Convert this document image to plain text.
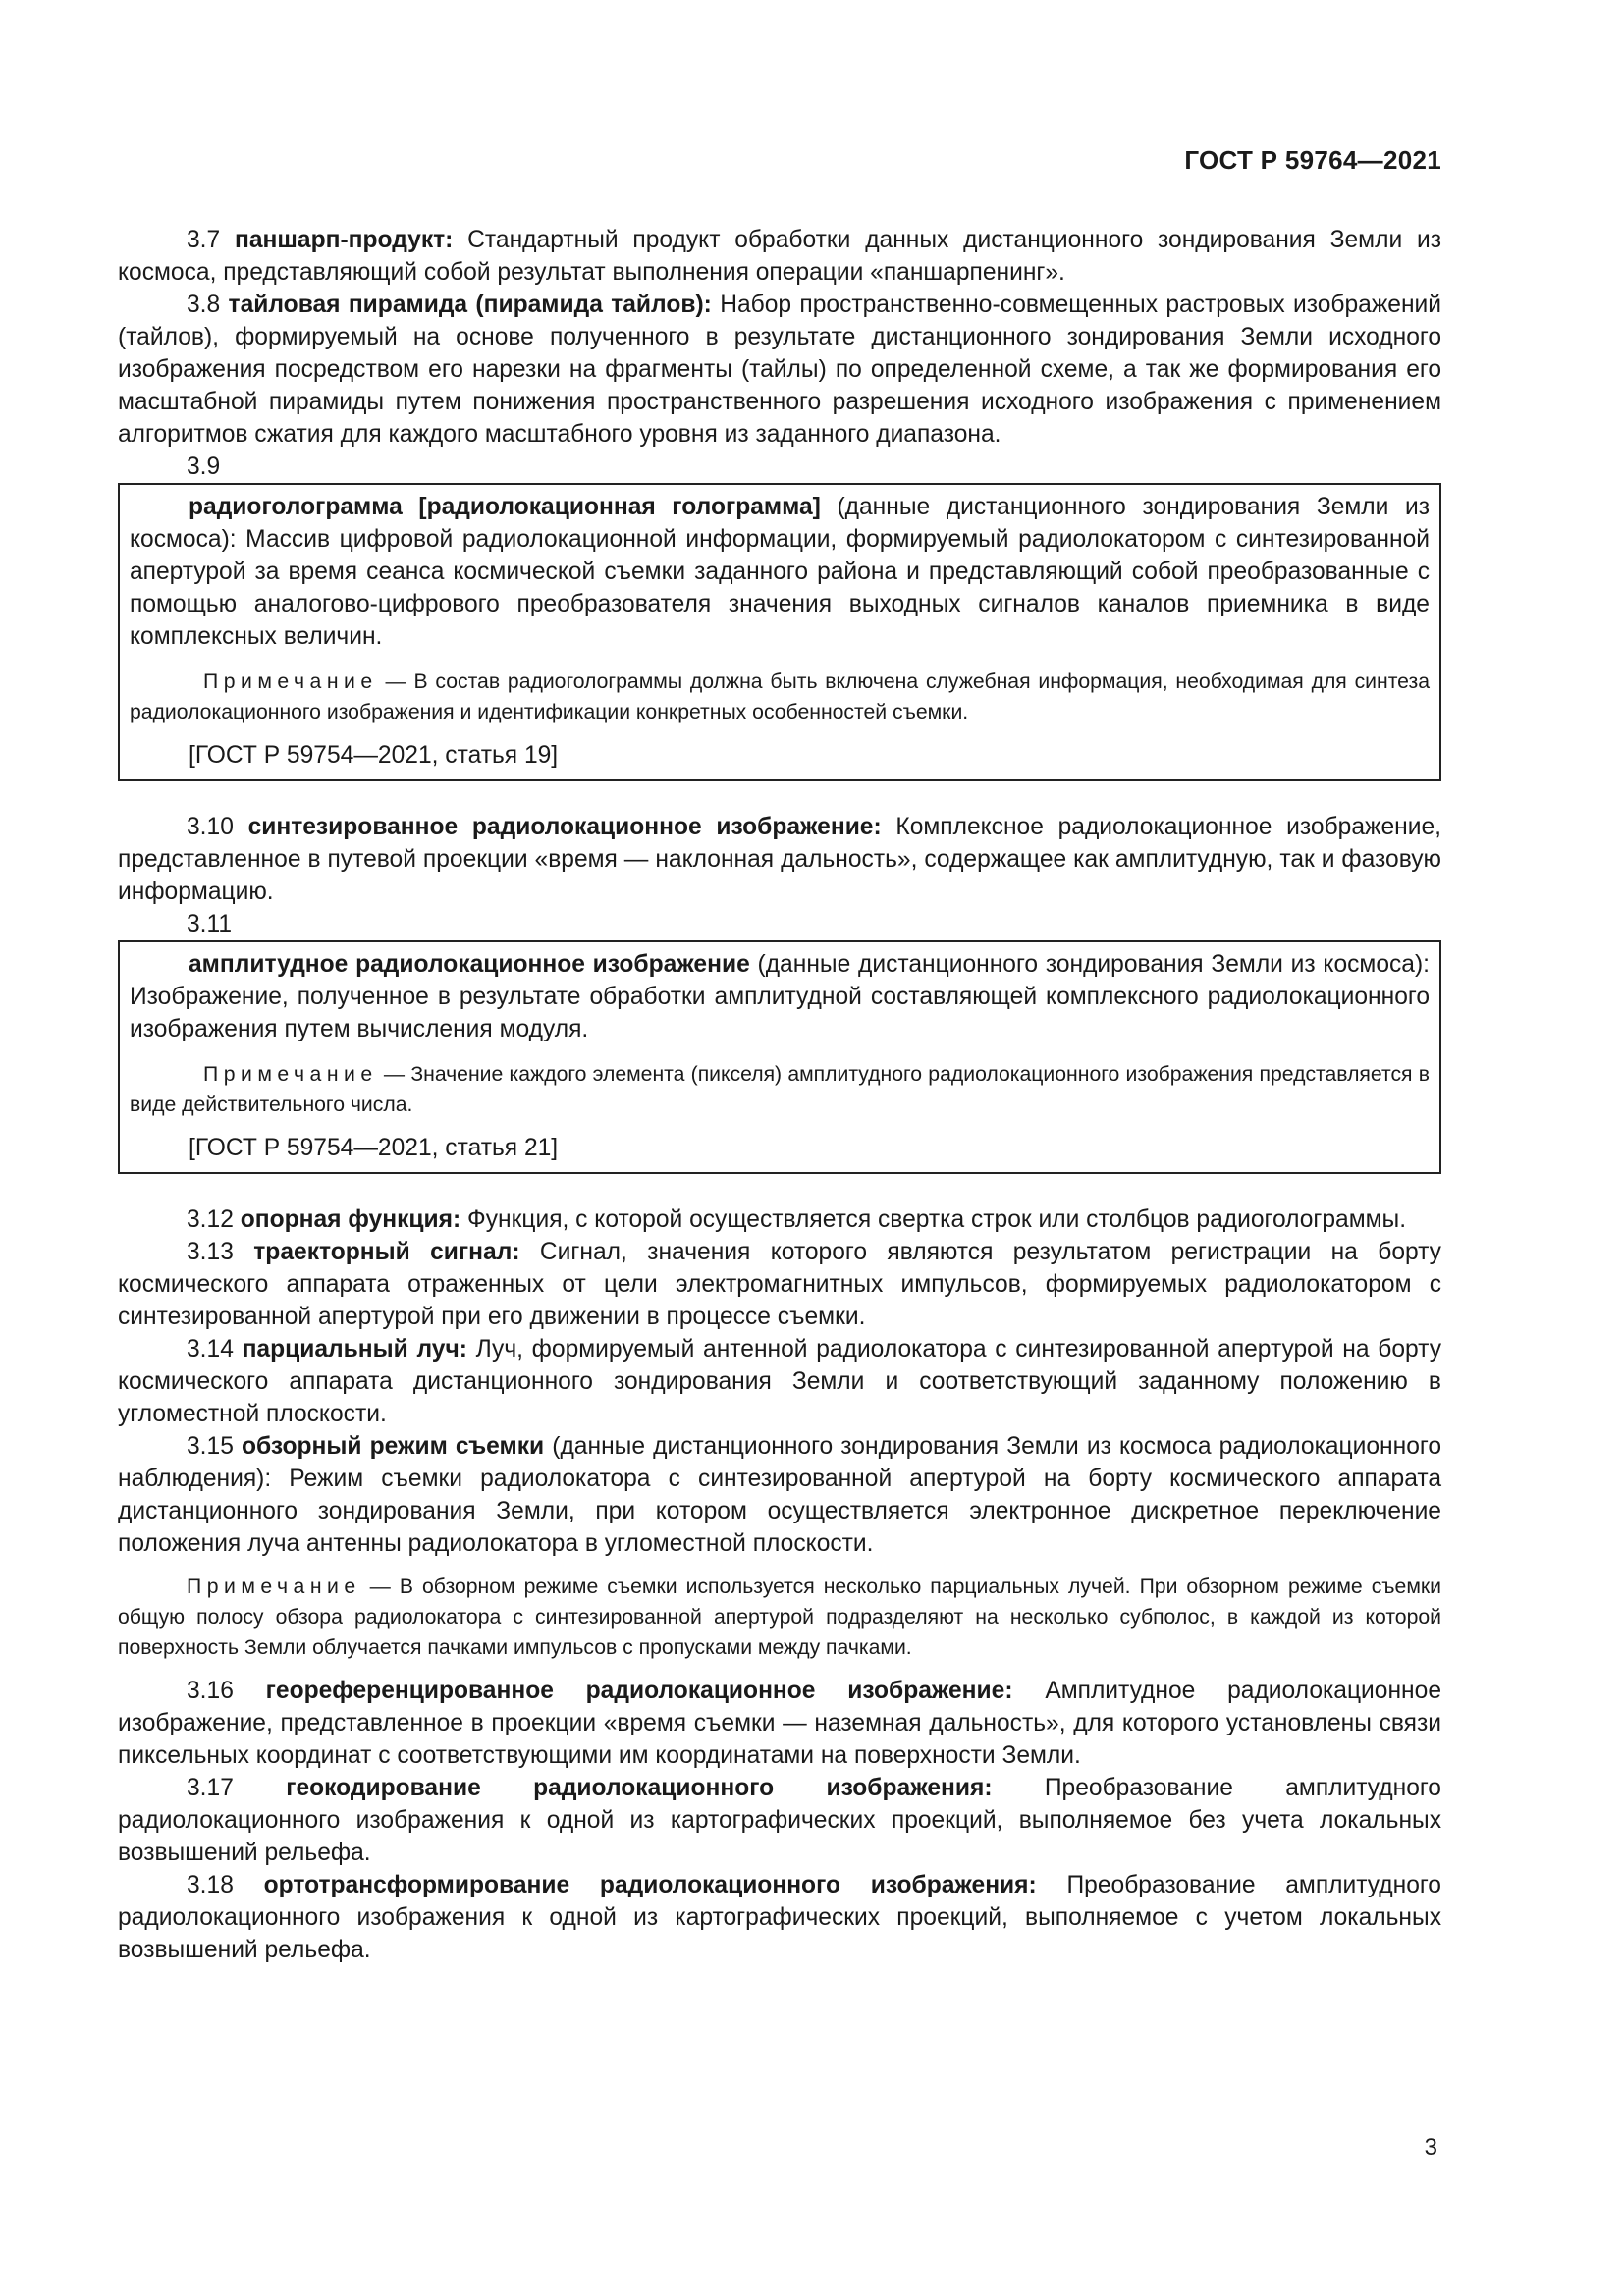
ГОСТ Р 59764—2021

3.7 паншарп-продукт: Стандартный продукт обработки данных дистанционного зондирования Земли из космоса, представляющий собой результат выполнения операции «паншарпенинг».

3.8 тайловая пирамида (пирамида тайлов): Набор пространственно-совмещенных растровых изображений (тайлов), формируемый на основе полученного в результате дистанционного зондирования Земли исходного изображения посредством его нарезки на фрагменты (тайлы) по определенной схеме, а так же формирования его масштабной пирамиды путем понижения пространственного разрешения исходного изображения с применением алгоритмов сжатия для каждого масштабного уровня из заданного диапазона.

3.9

радиоголограмма [радиолокационная голограмма] (данные дистанционного зондирования Земли из космоса): Массив цифровой радиолокационной информации, формируемый радиолокатором с синтезированной апертурой за время сеанса космической съемки заданного района и представляющий собой преобразованные с помощью аналогово-цифрового преобразователя значения выходных сигналов каналов приемника в виде комплексных величин.

Примечание — В состав радиоголограммы должна быть включена служебная информация, необходимая для синтеза радиолокационного изображения и идентификации конкретных особенностей съемки.
[ГОСТ Р 59754—2021, статья 19]

3.10 синтезированное радиолокационное изображение: Комплексное радиолокационное изображение, представленное в путевой проекции «время — наклонная дальность», содержащее как амплитудную, так и фазовую информацию.

3.11

амплитудное радиолокационное изображение (данные дистанционного зондирования Земли из космоса): Изображение, полученное в результате обработки амплитудной составляющей комплексного радиолокационного изображения путем вычисления модуля.

Примечание — Значение каждого элемента (пикселя) амплитудного радиолокационного изображения представляется в виде действительного числа.
[ГОСТ Р 59754—2021, статья 21]

3.12 опорная функция: Функция, с которой осуществляется свертка строк или столбцов радиоголограммы.

3.13 траекторный сигнал: Сигнал, значения которого являются результатом регистрации на борту космического аппарата отраженных от цели электромагнитных импульсов, формируемых радиолокатором с синтезированной апертурой при его движении в процессе съемки.

3.14 парциальный луч: Луч, формируемый антенной радиолокатора с синтезированной апертурой на борту космического аппарата дистанционного зондирования Земли и соответствующий заданному положению в угломестной плоскости.

3.15 обзорный режим съемки (данные дистанционного зондирования Земли из космоса радиолокационного наблюдения): Режим съемки радиолокатора с синтезированной апертурой на борту космического аппарата дистанционного зондирования Земли, при котором осуществляется электронное дискретное переключение положения луча антенны радиолокатора в угломестной плоскости.

Примечание — В обзорном режиме съемки используется несколько парциальных лучей. При обзорном режиме съемки общую полосу обзора радиолокатора с синтезированной апертурой подразделяют на несколько субполос, в каждой из которой поверхность Земли облучается пачками импульсов с пропусками между пачками.

3.16 геореференцированное радиолокационное изображение: Амплитудное радиолокационное изображение, представленное в проекции «время съемки — наземная дальность», для которого установлены связи пиксельных координат с соответствующими им координатами на поверхности Земли.

3.17 геокодирование радиолокационного изображения: Преобразование амплитудного радиолокационного изображения к одной из картографических проекций, выполняемое без учета локальных возвышений рельефа.

3.18 ортотрансформирование радиолокационного изображения: Преобразование амплитудного радиолокационного изображения к одной из картографических проекций, выполняемое с учетом локальных возвышений рельефа.

3
